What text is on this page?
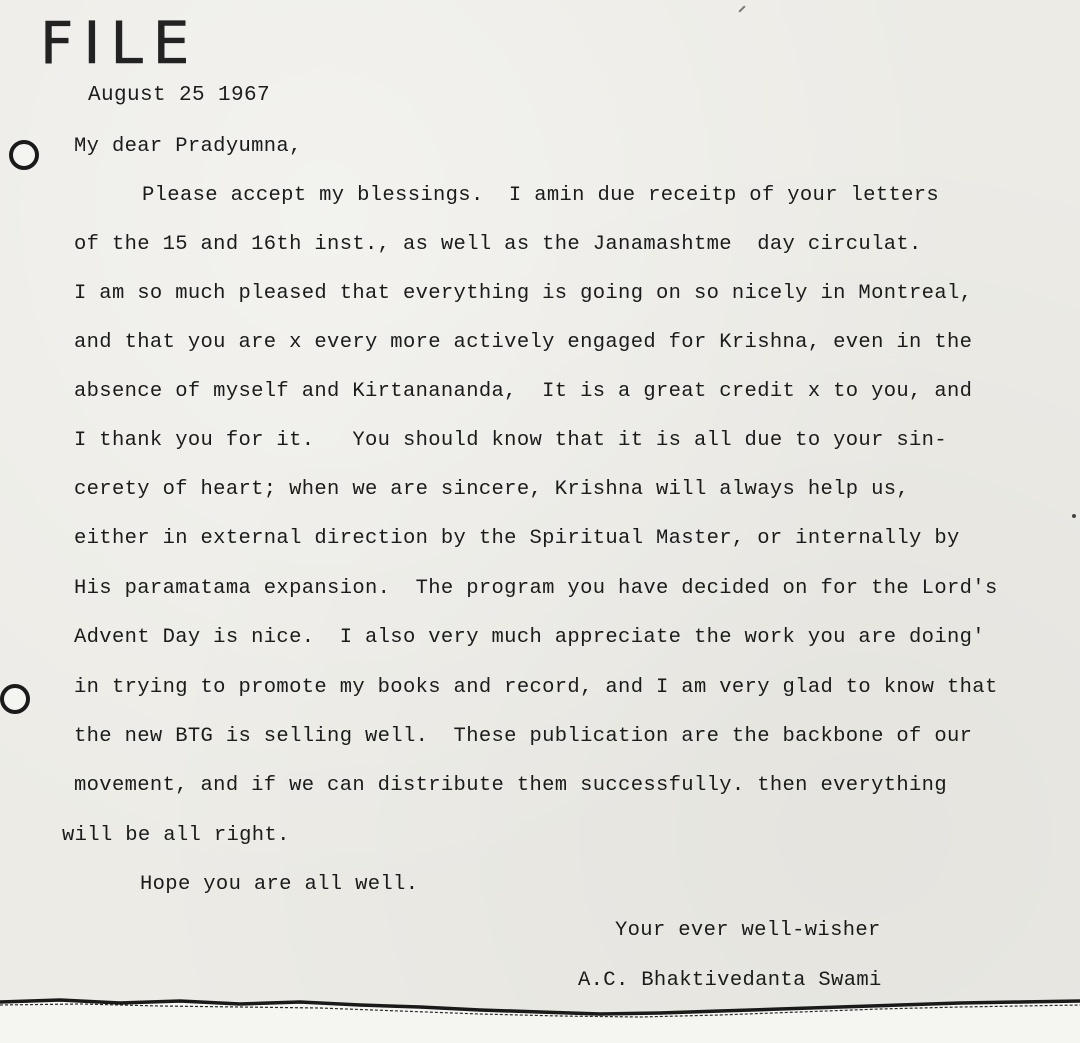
FILE
August 25 1967
My dear Pradyumna,
Please accept my blessings.  I amin due receitp of your letters
of the 15 and 16th inst., as well as the Janamashtme  day circulat.
I am so much pleased that everything is going on so nicely in Montreal,
and that you are x every more actively engaged for Krishna, even in the
absence of myself and Kirtanananda,  It is a great credit x to you, and
I thank you for it.   You should know that it is all due to your sin-
cerety of heart; when we are sincere, Krishna will always help us,
either in external direction by the Spiritual Master, or internally by
His paramatama expansion.  The program you have decided on for the Lord's
Advent Day is nice.  I also very much appreciate the work you are doing'
in trying to promote my books and record, and I am very glad to know that
the new BTG is selling well.  These publication are the backbone of our
movement, and if we can distribute them successfully. then everything
will be all right.
Hope you are all well.
Your ever well-wisher
A.C. Bhaktivedanta Swami
